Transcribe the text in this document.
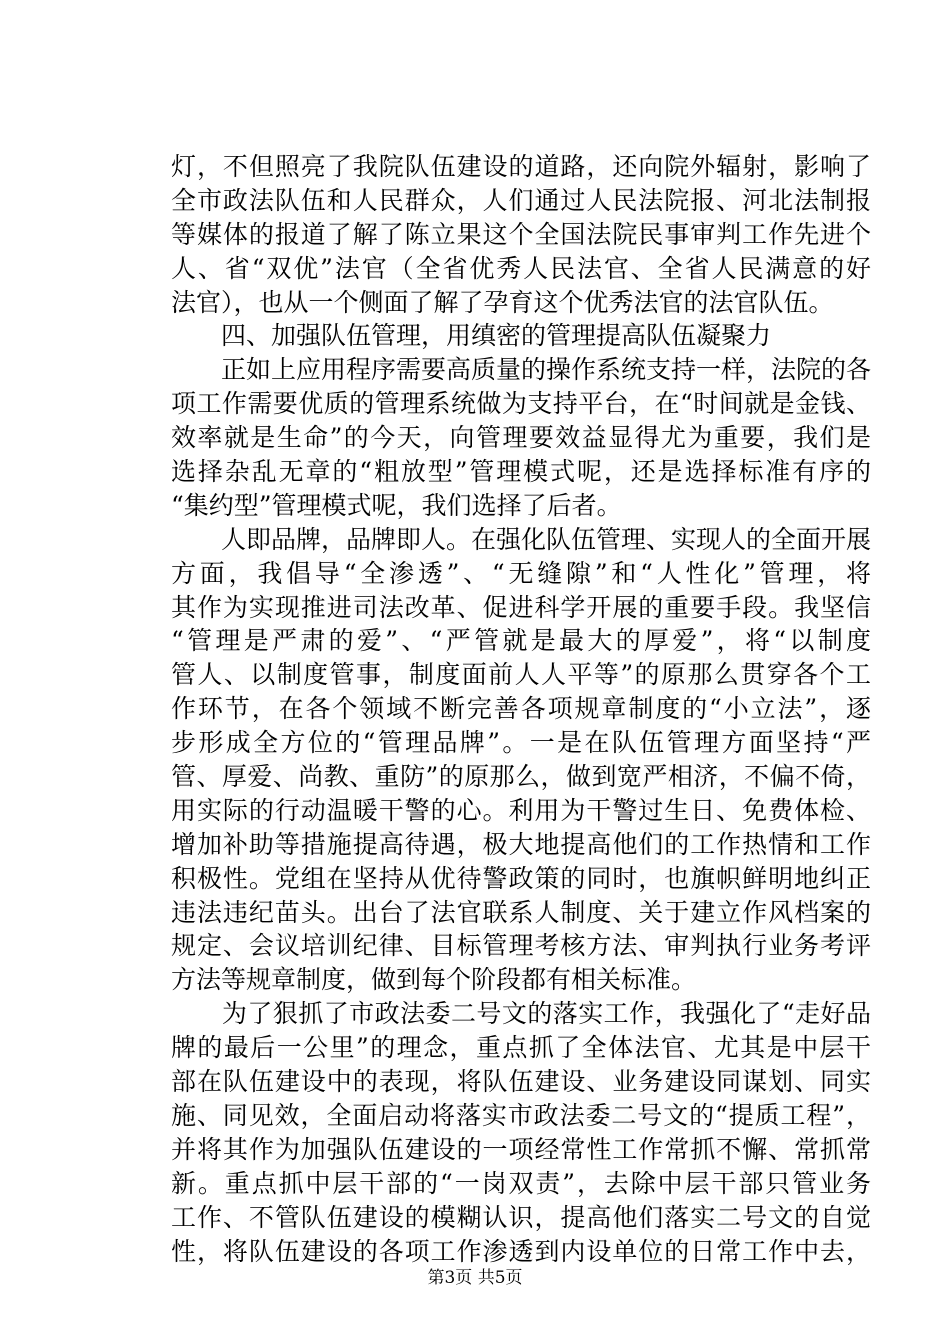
灯，不但照亮了我院队伍建设的道路，还向院外辐射，影响了
全市政法队伍和人民群众，人们通过人民法院报、河北法制报
等媒体的报道了解了陈立果这个全国法院民事审判工作先进个
人、省“双优”法官（全省优秀人民法官、全省人民满意的好
法官），也从一个侧面了解了孕育这个优秀法官的法官队伍。
　　四、加强队伍管理，用缜密的管理提高队伍凝聚力
　　正如上应用程序需要高质量的操作系统支持一样，法院的各
项工作需要优质的管理系统做为支持平台，在“时间就是金钱、
效率就是生命”的今天，向管理要效益显得尤为重要，我们是
选择杂乱无章的“粗放型”管理模式呢，还是选择标准有序的
“集约型”管理模式呢，我们选择了后者。
　　人即品牌，品牌即人。在强化队伍管理、实现人的全面开展
方面，我倡导“全渗透”、“无缝隙”和“人性化”管理，将
其作为实现推进司法改革、促进科学开展的重要手段。我坚信
“管理是严肃的爱”、“严管就是最大的厚爱”，将“以制度
管人、以制度管事，制度面前人人平等”的原那么贯穿各个工
作环节，在各个领域不断完善各项规章制度的“小立法”，逐
步形成全方位的“管理品牌”。一是在队伍管理方面坚持“严
管、厚爱、尚教、重防”的原那么，做到宽严相济，不偏不倚，
用实际的行动温暖干警的心。利用为干警过生日、免费体检、
增加补助等措施提高待遇，极大地提高他们的工作热情和工作
积极性。党组在坚持从优待警政策的同时，也旗帜鲜明地纠正
违法违纪苗头。出台了法官联系人制度、关于建立作风档案的
规定、会议培训纪律、目标管理考核方法、审判执行业务考评
方法等规章制度，做到每个阶段都有相关标准。
　　为了狠抓了市政法委二号文的落实工作，我强化了“走好品
牌的最后一公里”的理念，重点抓了全体法官、尤其是中层干
部在队伍建设中的表现，将队伍建设、业务建设同谋划、同实
施、同见效，全面启动将落实市政法委二号文的“提质工程”，
并将其作为加强队伍建设的一项经常性工作常抓不懈、常抓常
新。重点抓中层干部的“一岗双责”，去除中层干部只管业务
工作、不管队伍建设的模糊认识，提高他们落实二号文的自觉
性，将队伍建设的各项工作渗透到内设单位的日常工作中去，
第3页 共5页
